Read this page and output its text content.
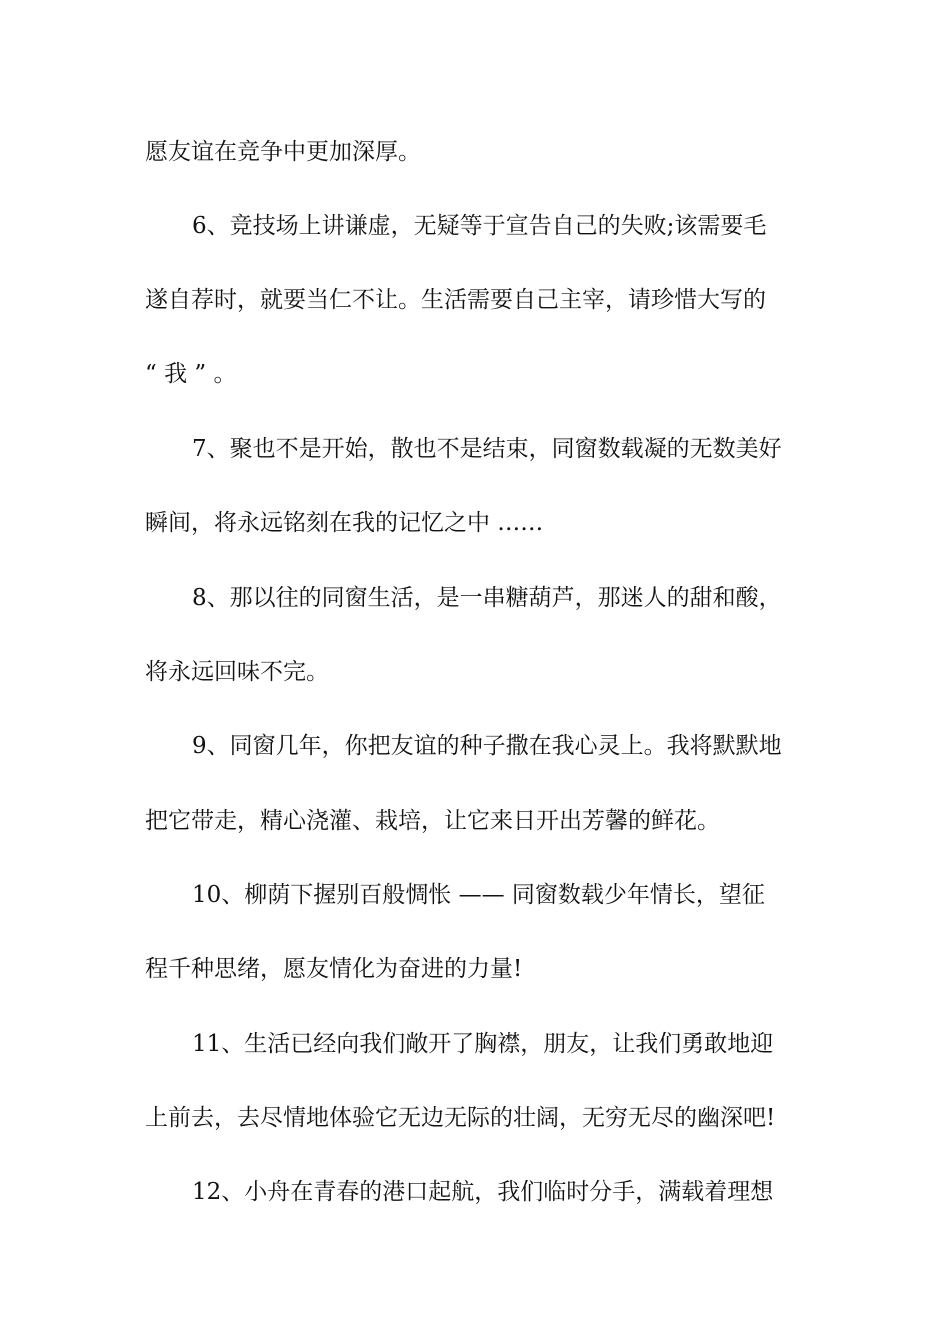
愿友谊在竞争中更加深厚。

6、竞技场上讲谦虚，无疑等于宣告自己的失败;该需要毛

遂自荐时，就要当仁不让。生活需要自己主宰，请珍惜大写的

“ 我 ” 。

7、聚也不是开始，散也不是结束，同窗数载凝的无数美好

瞬间，将永远铭刻在我的记忆之中 ……

8、那以往的同窗生活，是一串糖葫芦，那迷人的甜和酸，

将永远回味不完。

9、同窗几年，你把友谊的种子撒在我心灵上。我将默默地

把它带走，精心浇灌、栽培，让它来日开出芳馨的鲜花。

10、柳荫下握别百般惆怅 —— 同窗数载少年情长，望征

程千种思绪，愿友情化为奋进的力量!

11、生活已经向我们敞开了胸襟，朋友，让我们勇敢地迎

上前去，去尽情地体验它无边无际的壮阔，无穷无尽的幽深吧!

12、小舟在青春的港口起航，我们临时分手，满载着理想
